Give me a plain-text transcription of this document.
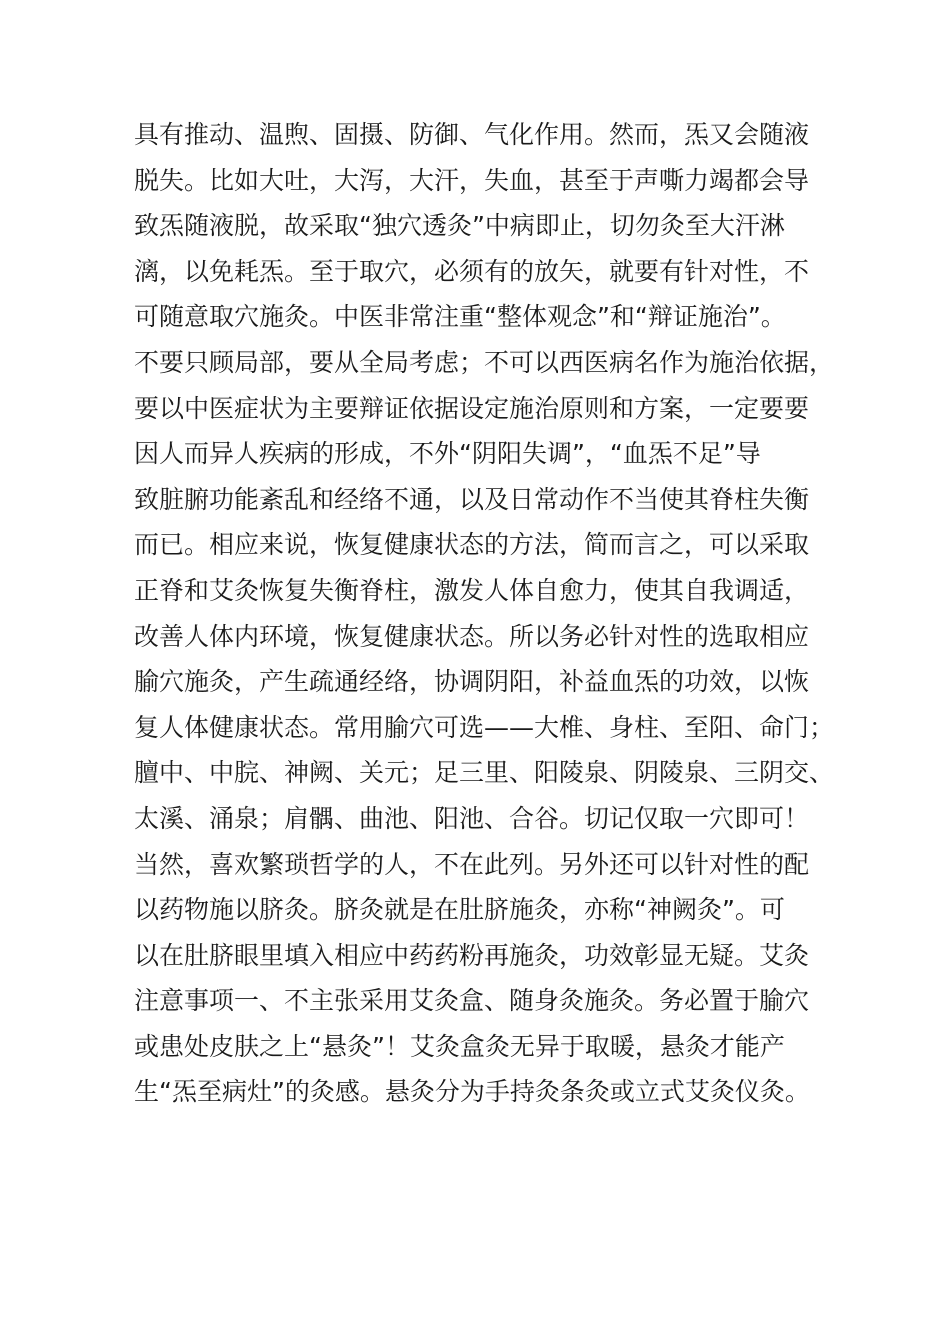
具有推动、温煦、固摄、防御、气化作用。然而，炁又会随液
脱失。比如大吐，大泻，大汗，失血，甚至于声嘶力竭都会导
致炁随液脱，故采取“独穴透灸”中病即止，切勿灸至大汗淋
漓，以免耗炁。至于取穴，必须有的放矢，就要有针对性，不
可随意取穴施灸。中医非常注重“整体观念”和“辩证施治”。
不要只顾局部，要从全局考虑；不可以西医病名作为施治依据，
要以中医症状为主要辩证依据设定施治原则和方案，一定要要
因人而异人疾病的形成，不外“阴阳失调”，“血炁不足”导
致脏腑功能紊乱和经络不通，以及日常动作不当使其脊柱失衡
而已。相应来说，恢复健康状态的方法，简而言之，可以采取
正脊和艾灸恢复失衡脊柱，激发人体自愈力，使其自我调适，
改善人体内环境，恢复健康状态。所以务必针对性的选取相应
腧穴施灸，产生疏通经络，协调阴阳，补益血炁的功效，以恢
复人体健康状态。常用腧穴可选——大椎、身柱、至阳、命门；
膻中、中脘、神阙、关元；足三里、阳陵泉、阴陵泉、三阴交、
太溪、涌泉；肩髃、曲池、阳池、合谷。切记仅取一穴即可！
当然，喜欢繁琐哲学的人，不在此列。另外还可以针对性的配
以药物施以脐灸。脐灸就是在肚脐施灸，亦称“神阙灸”。可
以在肚脐眼里填入相应中药药粉再施灸，功效彰显无疑。艾灸
注意事项一、不主张采用艾灸盒、随身灸施灸。务必置于腧穴
或患处皮肤之上“悬灸”！艾灸盒灸无异于取暖，悬灸才能产
生“炁至病灶”的灸感。悬灸分为手持灸条灸或立式艾灸仪灸。
